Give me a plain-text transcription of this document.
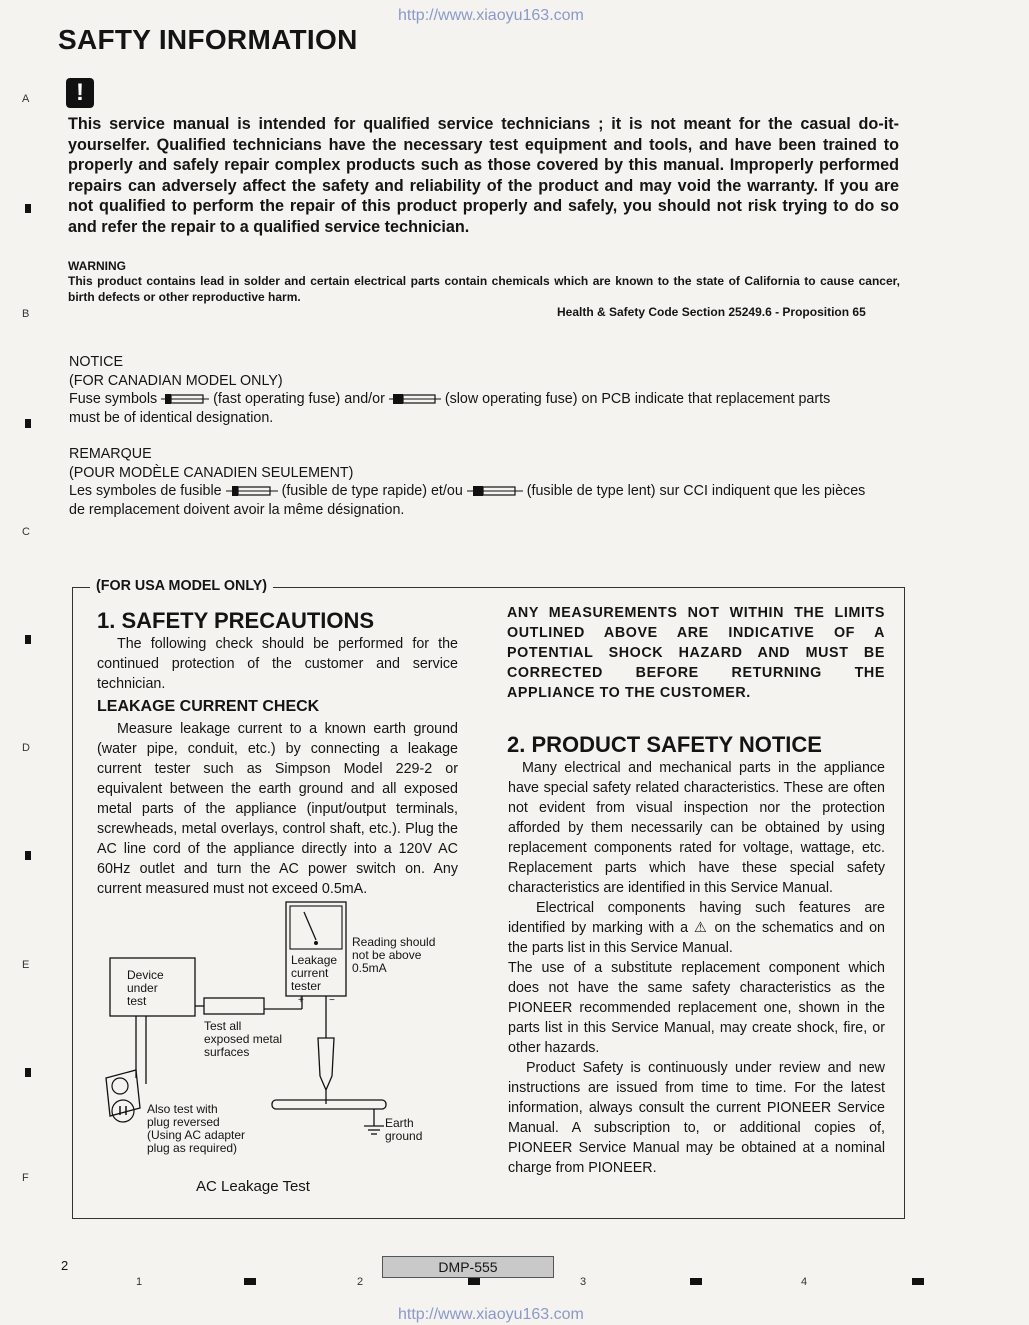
http://www.xiaoyu163.com
SAFTY INFORMATION
!
This service manual is intended for qualified service technicians ; it is not meant for the casual do-it-yourselfer. Qualified technicians have the necessary test equipment and tools, and have been trained to properly and safely repair complex products such as those covered by this manual. Improperly performed repairs can adversely affect the safety and reliability of the product and may void the warranty. If you are not qualified to perform the repair of this product properly and safely, you should not risk trying to do so and refer the repair to a qualified service technician.
WARNING
This product contains lead in solder and certain electrical parts contain chemicals which are known to the state of California to cause cancer, birth defects or other reproductive harm.
Health & Safety Code Section 25249.6 - Proposition 65
NOTICE
(FOR CANADIAN MODEL ONLY)
Fuse symbols	(fast operating fuse) and/or	(slow operating fuse) on PCB indicate that replacement parts
must be of identical designation.
REMARQUE
(POUR MODÈLE CANADIEN SEULEMENT)
Les symboles de fusible	(fusible de type rapide) et/ou	(fusible de type lent) sur CCI indiquent que les pièces
de remplacement doivent avoir la même désignation.
(FOR USA MODEL ONLY)
1. SAFETY PRECAUTIONS
The following check should be performed for the continued protection of the customer and service technician.
LEAKAGE CURRENT CHECK
Measure leakage current to a known earth ground (water pipe, conduit, etc.) by connecting a leakage current tester such as Simpson Model 229-2 or equivalent between the earth ground and all exposed metal parts of the appliance (input/output terminals, screwheads, metal overlays, control shaft, etc.). Plug the AC line cord of the appliance directly into a 120V AC 60Hz outlet and turn the AC power switch on. Any current measured must not exceed 0.5mA.
Device
under
test
Leakage
current
tester
+	−
Reading should
not be above
0.5mA
Test all
exposed metal
surfaces
Also test with
plug reversed
(Using AC adapter
plug as required)
Earth
ground
AC Leakage Test
ANY MEASUREMENTS NOT WITHIN THE LIMITS OUTLINED ABOVE ARE INDICATIVE OF A POTENTIAL SHOCK HAZARD AND MUST BE CORRECTED BEFORE RETURNING THE APPLIANCE TO THE CUSTOMER.
2. PRODUCT SAFETY NOTICE
Many electrical and mechanical parts in the appliance have special safety related characteristics. These are often not evident from visual inspection nor the protection afforded by them necessarily can be obtained by using replacement components rated for voltage, wattage, etc. Replacement parts which have these special safety characteristics are identified in this Service Manual.
Electrical components having such features are identified by marking with a ⚠ on the schematics and on the parts list in this Service Manual.
The use of a substitute replacement component which does not have the same safety characteristics as the PIONEER recommended replacement one, shown in the parts list in this Service Manual, may create shock, fire, or other hazards.
Product Safety is continuously under review and new instructions are issued from time to time. For the latest information, always consult the current PIONEER Service Manual. A subscription to, or additional copies of, PIONEER Service Manual may be obtained at a nominal charge from PIONEER.
A
B
C
D
E
F
2	DMP-555
1	2	3	4
http://www.xiaoyu163.com
